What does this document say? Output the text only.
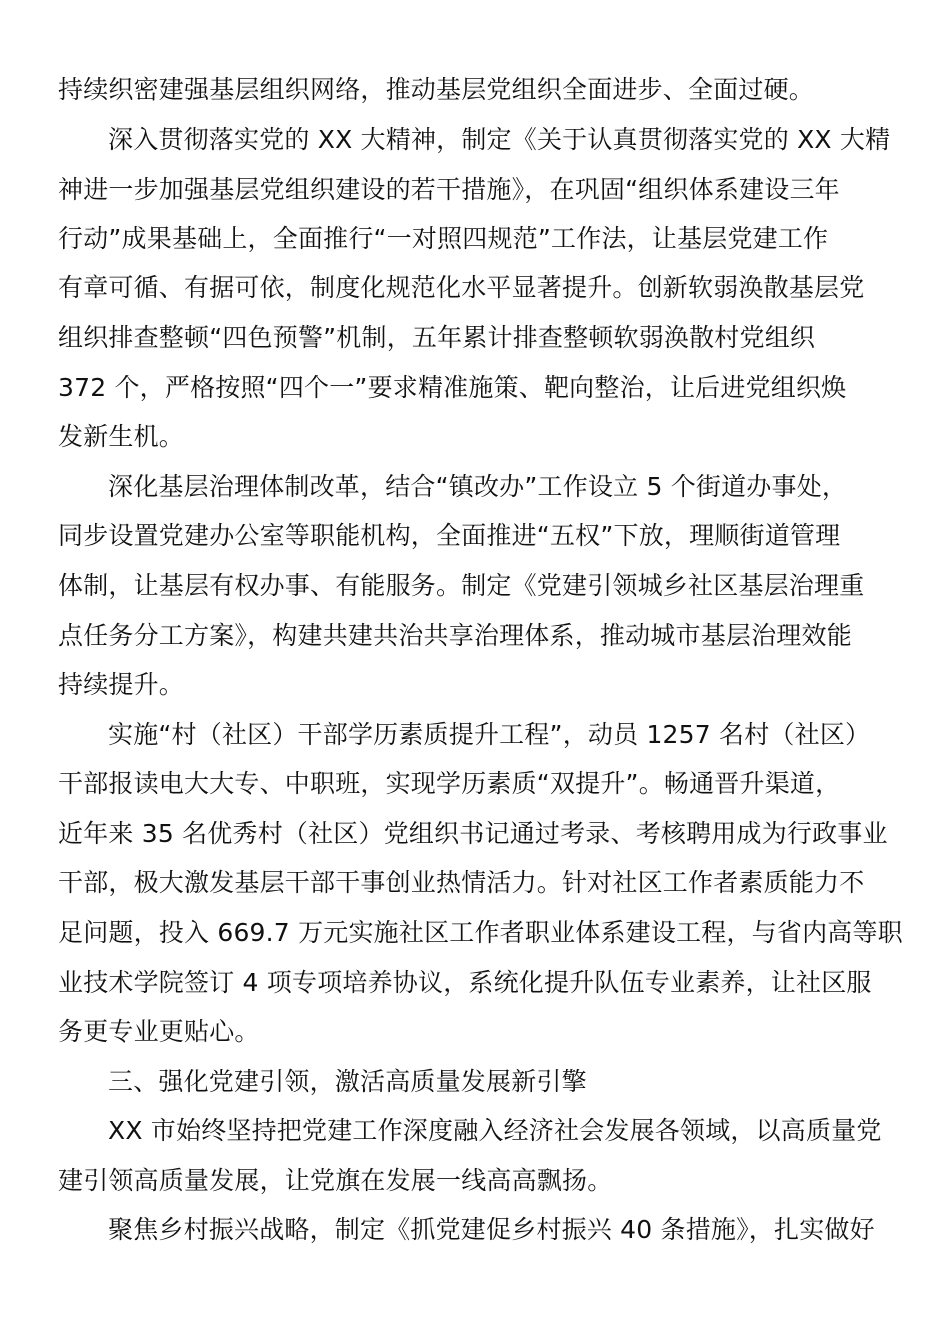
持续织密建强基层组织网络，推动基层党组织全面进步、全面过硬。
深入贯彻落实党的 XX 大精神，制定《关于认真贯彻落实党的 XX 大精
神进一步加强基层党组织建设的若干措施》，在巩固“组织体系建设三年
行动”成果基础上，全面推行“一对照四规范”工作法，让基层党建工作
有章可循、有据可依，制度化规范化水平显著提升。创新软弱涣散基层党
组织排查整顿“四色预警”机制，五年累计排查整顿软弱涣散村党组织
372 个，严格按照“四个一”要求精准施策、靶向整治，让后进党组织焕
发新生机。
深化基层治理体制改革，结合“镇改办”工作设立 5 个街道办事处，
同步设置党建办公室等职能机构，全面推进“五权”下放，理顺街道管理
体制，让基层有权办事、有能服务。制定《党建引领城乡社区基层治理重
点任务分工方案》，构建共建共治共享治理体系，推动城市基层治理效能
持续提升。
实施“村（社区）干部学历素质提升工程”，动员 1257 名村（社区）
干部报读电大大专、中职班，实现学历素质“双提升”。畅通晋升渠道，
近年来 35 名优秀村（社区）党组织书记通过考录、考核聘用成为行政事业
干部，极大激发基层干部干事创业热情活力。针对社区工作者素质能力不
足问题，投入 669.7 万元实施社区工作者职业体系建设工程，与省内高等职
业技术学院签订 4 项专项培养协议，系统化提升队伍专业素养，让社区服
务更专业更贴心。
三、强化党建引领，激活高质量发展新引擎
XX 市始终坚持把党建工作深度融入经济社会发展各领域，以高质量党
建引领高质量发展，让党旗在发展一线高高飘扬。
聚焦乡村振兴战略，制定《抓党建促乡村振兴 40 条措施》，扎实做好
